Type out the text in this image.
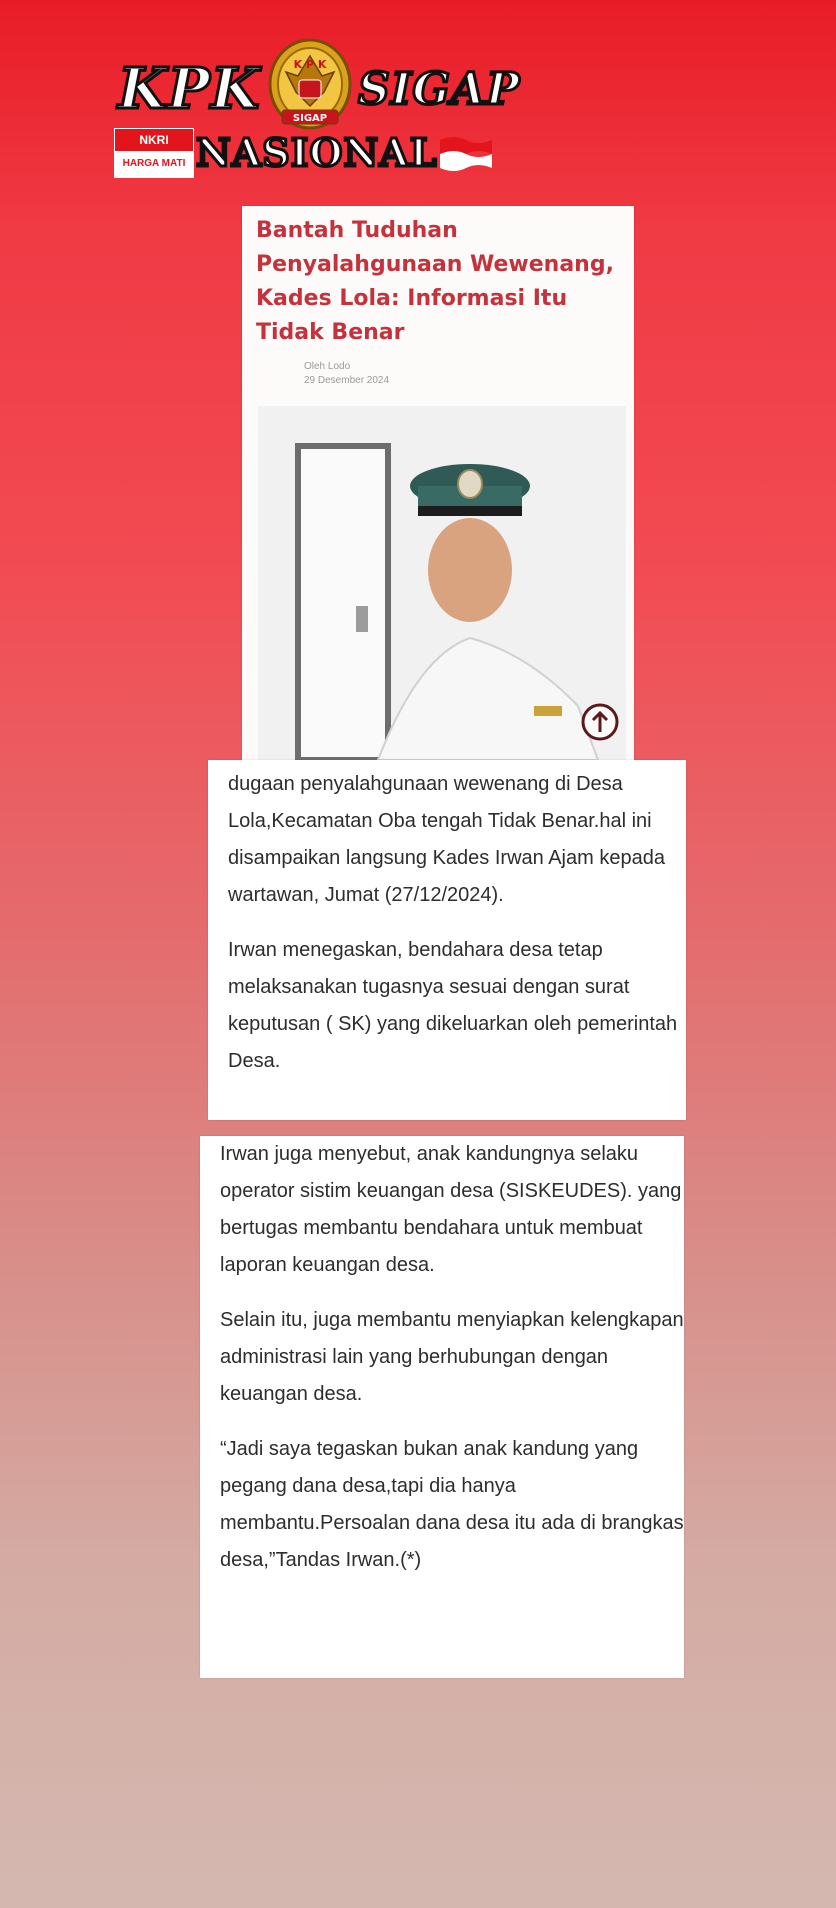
K P K
SIGAP
KPK SIGAP
NKRI
HARGA MATI NASIONAL
Bantah Tuduhan Penyalahgunaan Wewenang, Kades Lola: Informasi Itu Tidak Benar
Oleh Lodo
29 Desember 2024

dugaan penyalahgunaan wewenang di Desa Lola,Kecamatan Oba tengah Tidak Benar.hal ini disampaikan langsung Kades Irwan Ajam kepada wartawan, Jumat (27/12/2024).

Irwan menegaskan, bendahara desa tetap melaksanakan tugasnya sesuai dengan surat keputusan ( SK) yang dikeluarkan oleh pemerintah Desa.

Irwan juga menyebut, anak kandungnya selaku operator sistim keuangan desa (SISKEUDES). yang bertugas membantu bendahara untuk membuat laporan keuangan desa.

Selain itu, juga membantu menyiapkan kelengkapan administrasi lain yang berhubungan dengan keuangan desa.

“Jadi saya tegaskan bukan anak kandung yang pegang dana desa,tapi dia hanya membantu.Persoalan dana desa itu ada di brangkas desa,”Tandas Irwan.(*)
